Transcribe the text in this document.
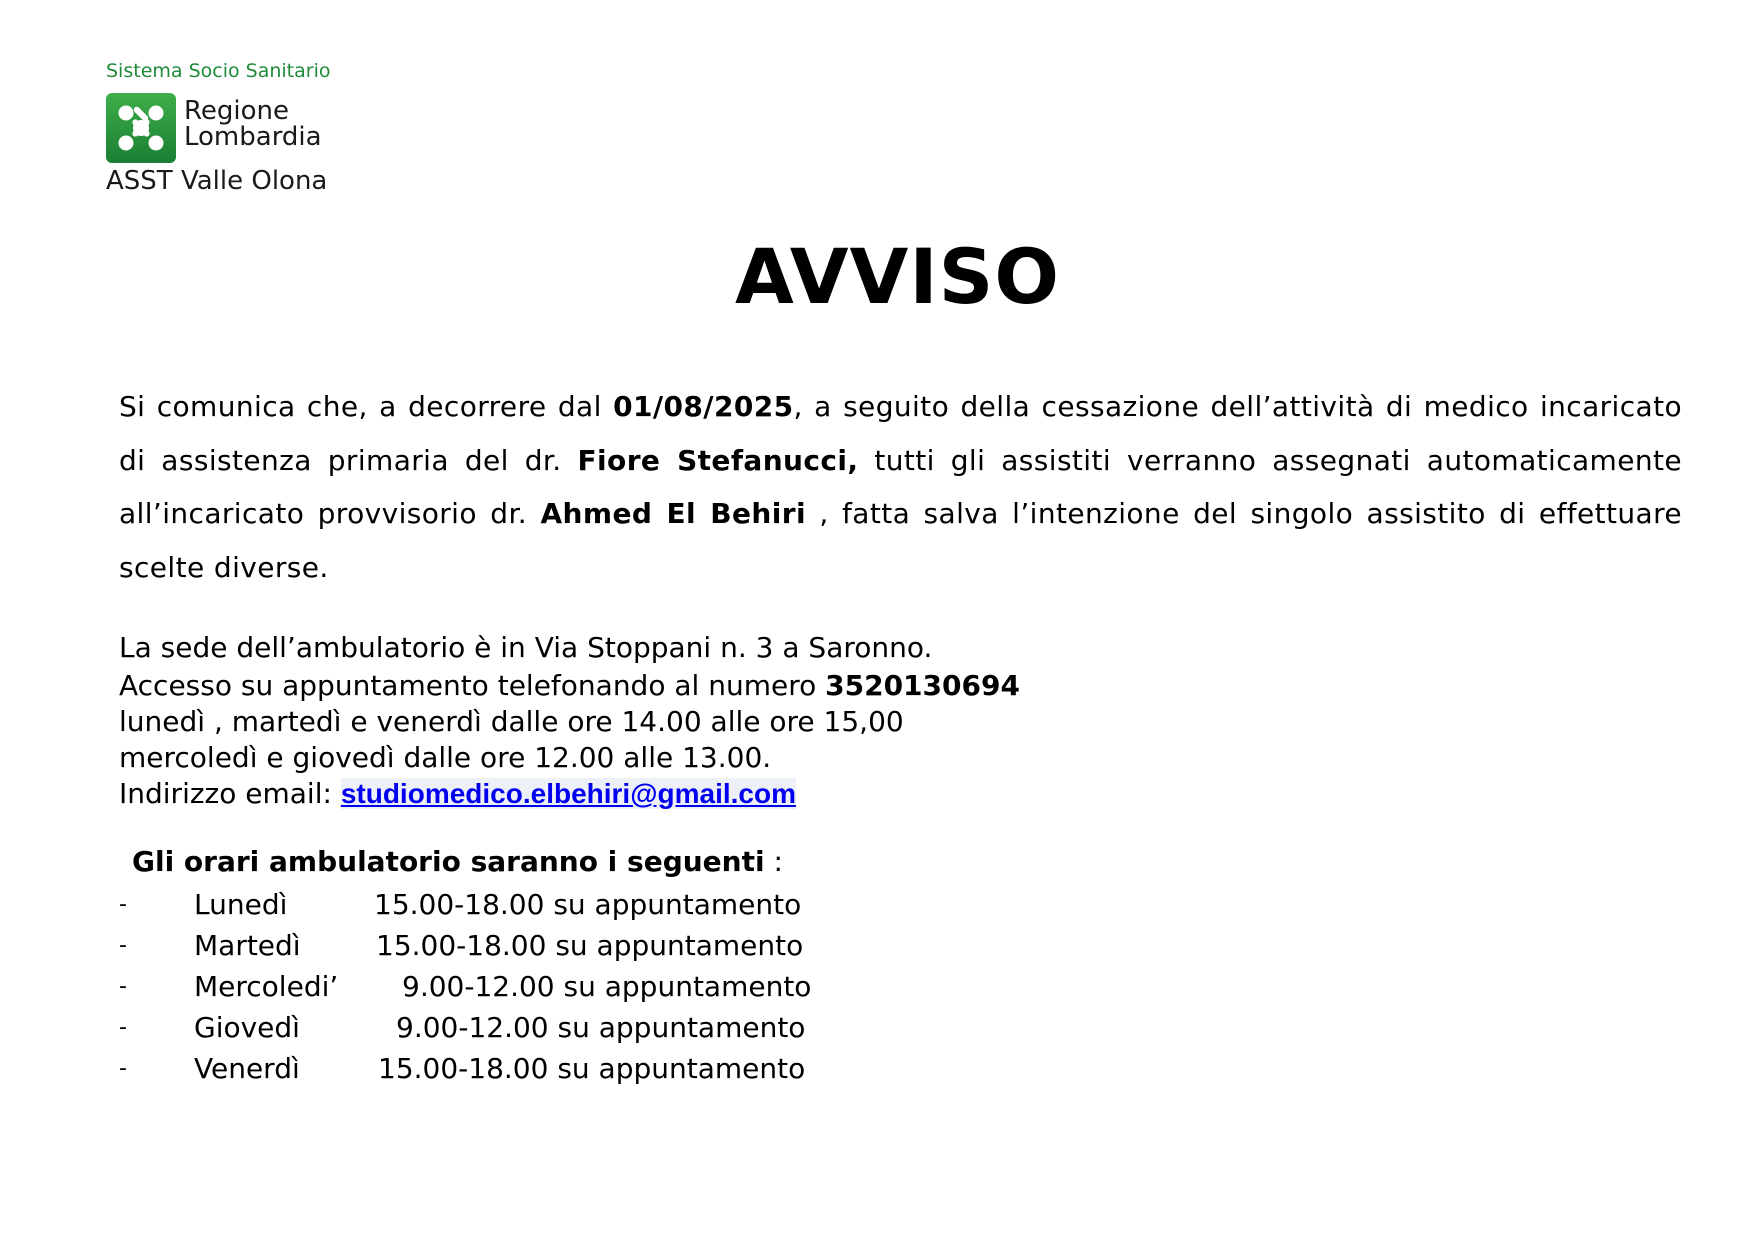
Sistema Socio Sanitario
Regione
Lombardia
ASST Valle Olona
AVVISO
Si comunica che, a decorrere dal 01/08/2025, a seguito della cessazione dell’attività di medico incaricato di assistenza primaria del dr. Fiore Stefanucci, tutti gli assistiti verranno assegnati automaticamente all’incaricato provvisorio dr. Ahmed El Behiri , fatta salva l’intenzione del singolo assistito di effettuare scelte diverse.
La sede dell’ambulatorio è in Via Stoppani n. 3 a Saronno.
Accesso su appuntamento telefonando al numero 3520130694
lunedì , martedì e venerdì dalle ore 14.00 alle ore 15,00
mercoledì e giovedì dalle ore 12.00 alle 13.00.
Indirizzo email: studiomedico.elbehiri@gmail.com
Gli orari ambulatorio saranno i seguenti :
- Lunedì	15.00-18.00 su appuntamento
- Martedì	15.00-18.00 su appuntamento
- Mercoledi’ 9.00-12.00 su appuntamento
- Giovedì	9.00-12.00 su appuntamento
- Venerdì	15.00-18.00 su appuntamento
